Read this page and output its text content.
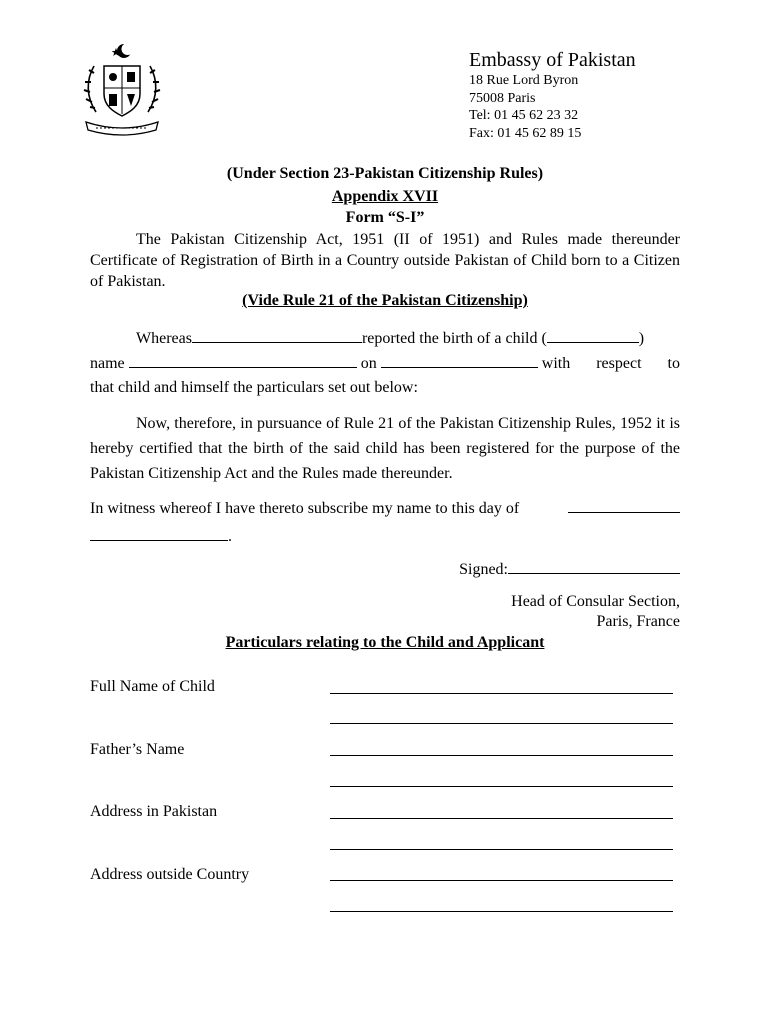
Embassy of Pakistan
18 Rue Lord Byron
75008 Paris
Tel: 01 45 62 23 32
Fax: 01 45 62 89 15
(Under Section 23-Pakistan Citizenship Rules)
Appendix XVII
Form “S-I”
The Pakistan Citizenship Act, 1951 (II of 1951) and Rules made thereunder Certificate of Registration of Birth in a Country outside Pakistan of Child born to a Citizen of Pakistan.
(Vide Rule 21 of the Pakistan Citizenship)
Whereas	reported the birth of a child (	)
name	on	with respect to
that child and himself the particulars set out below:
Now, therefore, in pursuance of Rule 21 of the Pakistan Citizenship Rules, 1952 it is hereby certified that the birth of the said child has been registered for the purpose of the Pakistan Citizenship Act and the Rules made thereunder.
In witness whereof I have thereto subscribe my name to this day of
.
Signed:
Head of Consular Section,
Paris, France
Particulars relating to the Child and Applicant
Full Name of Child
Father’s Name
Address in Pakistan
Address outside Country
